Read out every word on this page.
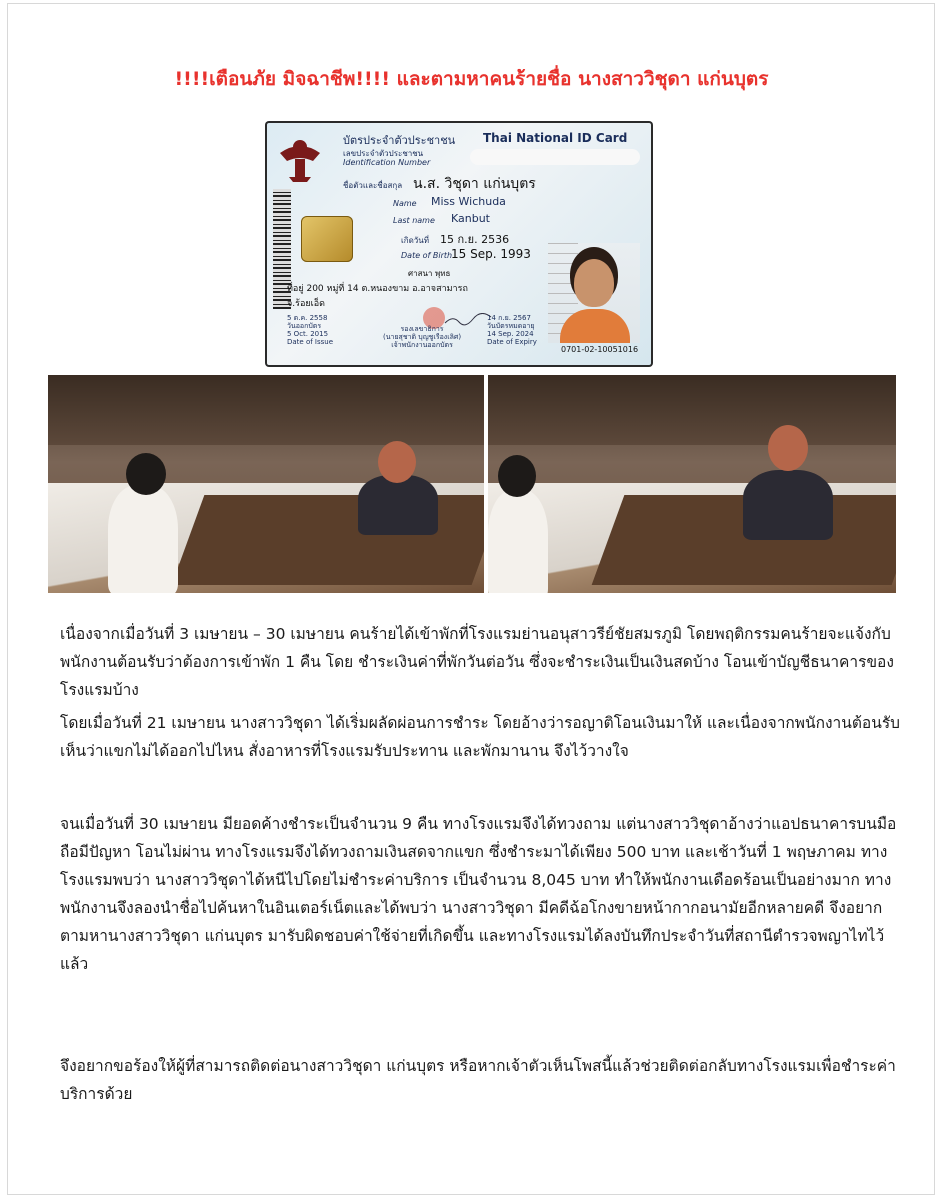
!!!!เตือนภัย มิจฉาชีพ!!!! และตามหาคนร้ายชื่อ นางสาววิชุดา แก่นบุตร
บัตรประจำตัวประชาชน Thai National ID Card
เลขประจำตัวประชาชน
Identification Number
ชื่อตัวและชื่อสกุล น.ส. วิชุดา แก่นบุตร
Name Miss Wichuda
Last name Kanbut
เกิดวันที่ 15 ก.ย. 2536
Date of Birth
15 Sep. 1993
ศาสนา พุทธ
ที่อยู่ 200 หมู่ที่ 14 ต.หนองขาม อ.อาจสามารถ
จ.ร้อยเอ็ด
5 ต.ค. 2558
วันออกบัตร
5 Oct. 2015
Date of Issue
รองเลขาธิการ
(นายสุชาติ บุญชูเรืองเลิศ)
เจ้าพนักงานออกบัตร
14 ก.ย. 2567
วันบัตรหมดอายุ
14 Sep. 2024
Date of Expiry
0701-02-10051016

เนื่องจากเมื่อวันที่ 3 เมษายน – 30 เมษายน คนร้ายได้เข้าพักที่โรงแรมย่านอนุสาวรีย์ชัยสมรภูมิ โดยพฤติกรรมคนร้ายจะแจ้งกับพนักงานต้อนรับว่าต้องการเข้าพัก 1 คืน โดย ชำระเงินค่าที่พักวันต่อวัน ซึ่งจะชำระเงินเป็นเงินสดบ้าง โอนเข้าบัญชีธนาคารของโรงแรมบ้าง

โดยเมื่อวันที่ 21 เมษายน นางสาววิชุดา ได้เริ่มผลัดผ่อนการชำระ โดยอ้างว่ารอญาติโอนเงินมาให้ และเนื่องจากพนักงานต้อนรับเห็นว่าแขกไม่ได้ออกไปไหน สั่งอาหารที่โรงแรมรับประทาน และพักมานาน จึงไว้วางใจ

จนเมื่อวันที่ 30 เมษายน มียอดค้างชำระเป็นจำนวน 9 คืน ทางโรงแรมจึงได้ทวงถาม แต่นางสาววิชุดาอ้างว่าแอปธนาคารบนมือถือมีปัญหา โอนไม่ผ่าน ทางโรงแรมจึงได้ทวงถามเงินสดจากแขก ซึ่งชำระมาได้เพียง 500 บาท และเช้าวันที่ 1 พฤษภาคม ทางโรงแรมพบว่า นางสาววิชุดาได้หนีไปโดยไม่ชำระค่าบริการ เป็นจำนวน 8,045 บาท ทำให้พนักงานเดือดร้อนเป็นอย่างมาก ทางพนักงานจึงลองนำชื่อไปค้นหาในอินเตอร์เน็ตและได้พบว่า นางสาววิชุดา มีคดีฉ้อโกงขายหน้ากากอนามัยอีกหลายคดี จึงอยากตามหานางสาววิชุดา แก่นบุตร มารับผิดชอบค่าใช้จ่ายที่เกิดขึ้น และทางโรงแรมได้ลงบันทึกประจำวันที่สถานีตำรวจพญาไทไว้แล้ว

จึงอยากขอร้องให้ผู้ที่สามารถติดต่อนางสาววิชุดา แก่นบุตร หรือหากเจ้าตัวเห็นโพสนี้แล้วช่วยติดต่อกลับทางโรงแรมเพื่อชำระค่าบริการด้วย
